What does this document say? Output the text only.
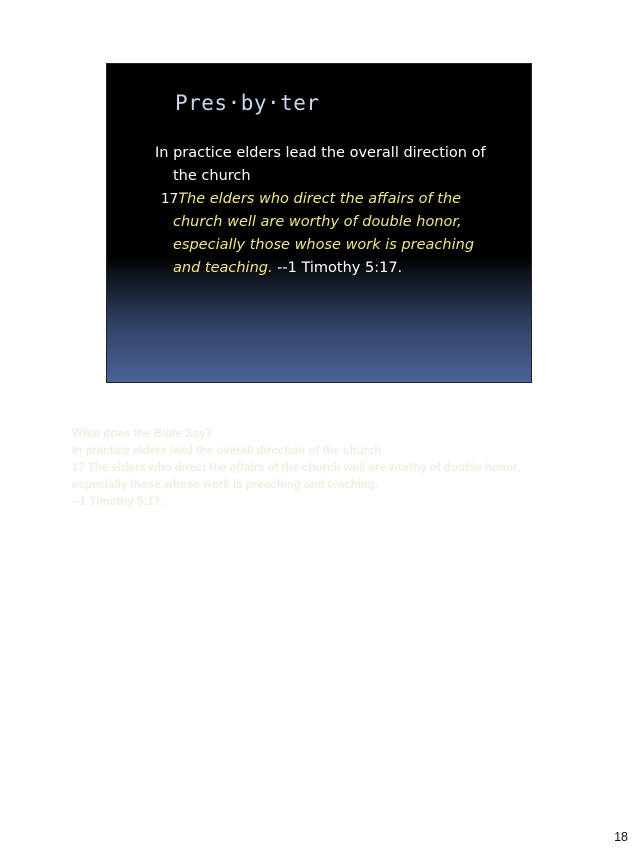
Pres·by·ter

In practice elders lead the overall direction of the church

17The elders who direct the affairs of the church well are worthy of double honor, especially those whose work is preaching and teaching. --1 Timothy 5:17.

What does the Bible Say?
In practice elders lead the overall direction of the church
17 The elders who direct the affairs of the church well are worthy of double honor,
especially those whose work is preaching and teaching.
--1 Timothy 5:17.
18
